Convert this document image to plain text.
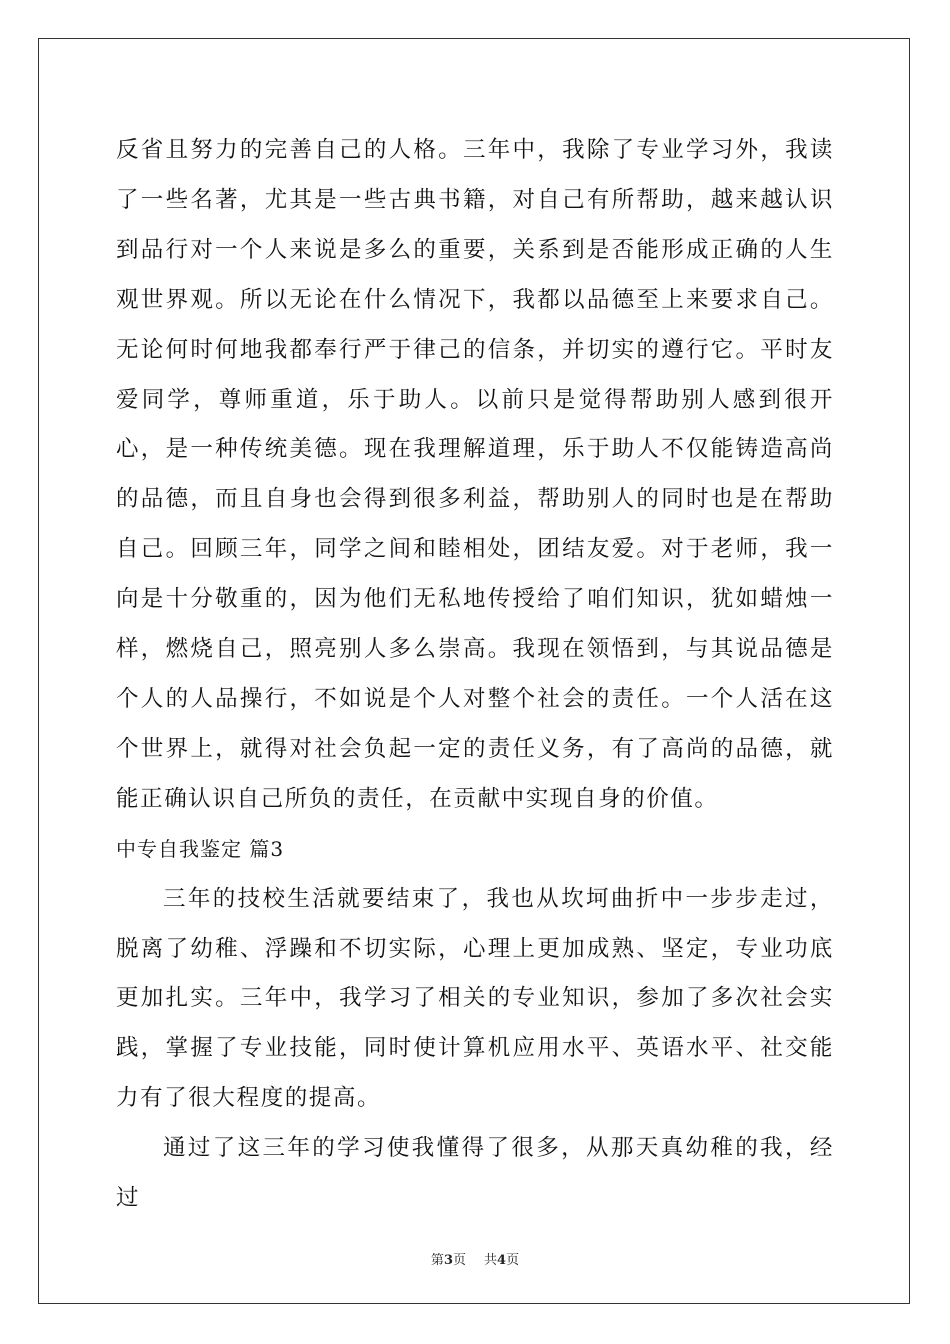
反省且努力的完善自己的人格。三年中，我除了专业学习外，我读了一些名著，尤其是一些古典书籍，对自己有所帮助，越来越认识到品行对一个人来说是多么的重要，关系到是否能形成正确的人生观世界观。所以无论在什么情况下，我都以品德至上来要求自己。无论何时何地我都奉行严于律己的信条，并切实的遵行它。平时友爱同学，尊师重道，乐于助人。以前只是觉得帮助别人感到很开心，是一种传统美德。现在我理解道理，乐于助人不仅能铸造高尚的品德，而且自身也会得到很多利益，帮助别人的同时也是在帮助自己。回顾三年，同学之间和睦相处，团结友爱。对于老师，我一向是十分敬重的，因为他们无私地传授给了咱们知识，犹如蜡烛一样，燃烧自己，照亮别人多么崇高。我现在领悟到，与其说品德是个人的人品操行，不如说是个人对整个社会的责任。一个人活在这个世界上，就得对社会负起一定的责任义务，有了高尚的品德，就能正确认识自己所负的责任，在贡献中实现自身的价值。

中专自我鉴定 篇3

三年的技校生活就要结束了，我也从坎坷曲折中一步步走过，脱离了幼稚、浮躁和不切实际，心理上更加成熟、坚定，专业功底更加扎实。三年中，我学习了相关的专业知识，参加了多次社会实践，掌握了专业技能，同时使计算机应用水平、英语水平、社交能力有了很大程度的提高。

通过了这三年的学习使我懂得了很多，从那天真幼稚的我，经过

第3页 共4页
